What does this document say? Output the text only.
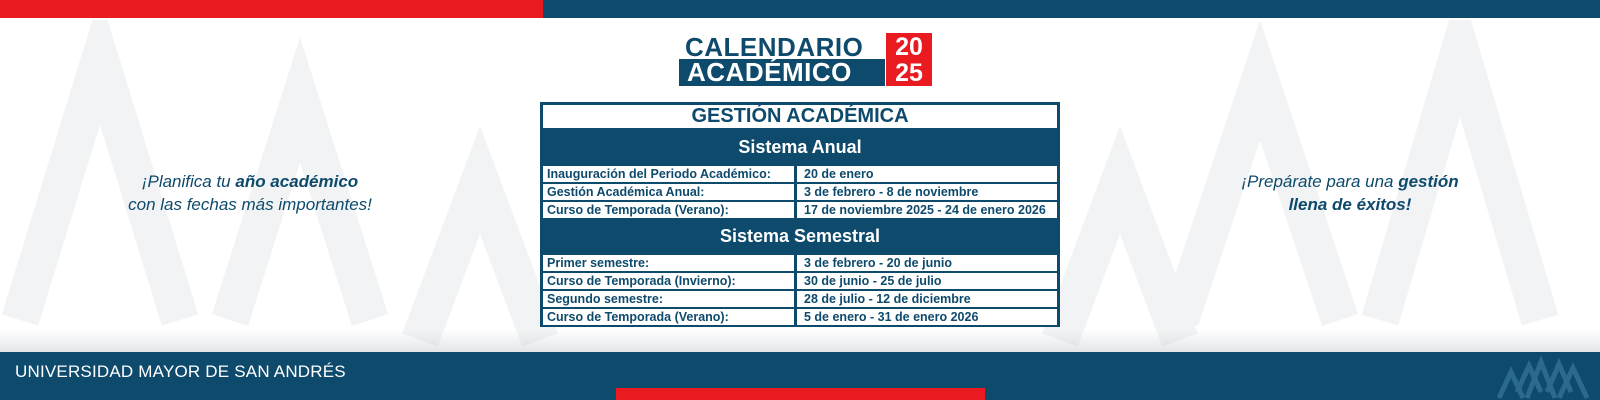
CALENDARIO
ACADÉMICO
20
25
GESTIÓN ACADÉMICA
Sistema Anual
Inauguración del Periodo Académico:	20 de enero
Gestión Académica Anual:	3 de febrero - 8 de noviembre
Curso de Temporada (Verano):	17 de noviembre 2025 - 24 de enero 2026
Sistema Semestral
Primer semestre:	3 de febrero - 20 de junio
Curso de Temporada (Invierno):	30 de junio - 25 de julio
Segundo semestre:	28 de julio - 12 de diciembre
Curso de Temporada (Verano):	5 de enero - 31 de enero 2026
¡Planifica tu año académico
con las fechas más importantes!
¡Prepárate para una gestión
llena de éxitos!
UNIVERSIDAD MAYOR DE SAN ANDRÉS
